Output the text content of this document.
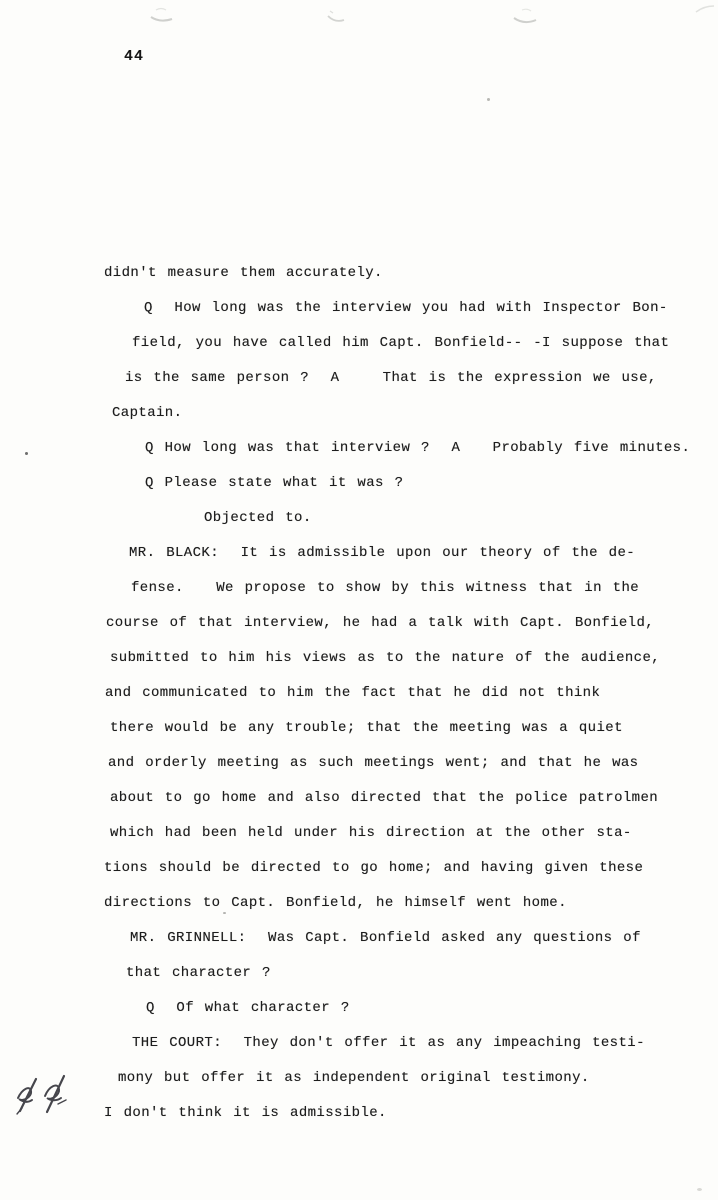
44
didn't measure them accurately.
Q  How long was the interview you had with Inspector Bon-
field, you have called him Capt. Bonfield-- -I suppose that
is the same person ?  A    That is the expression we use,
Captain.
Q How long was that interview ?  A   Probably five minutes.
Q Please state what it was ?
Objected to.
MR. BLACK:  It is admissible upon our theory of the de-
fense.   We propose to show by this witness that in the
course of that interview, he had a talk with Capt. Bonfield,
submitted to him his views as to the nature of the audience,
and communicated to him the fact that he did not think
there would be any trouble; that the meeting was a quiet
and orderly meeting as such meetings went; and that he was
about to go home and also directed that the police patrolmen
which had been held under his direction at the other sta-
tions should be directed to go home; and having given these
directions to Capt. Bonfield, he himself went home.
MR. GRINNELL:  Was Capt. Bonfield asked any questions of
that character ?
Q  Of what character ?
THE COURT:  They don't offer it as any impeaching testi-
mony but offer it as independent original testimony.
I don't think it is admissible.
